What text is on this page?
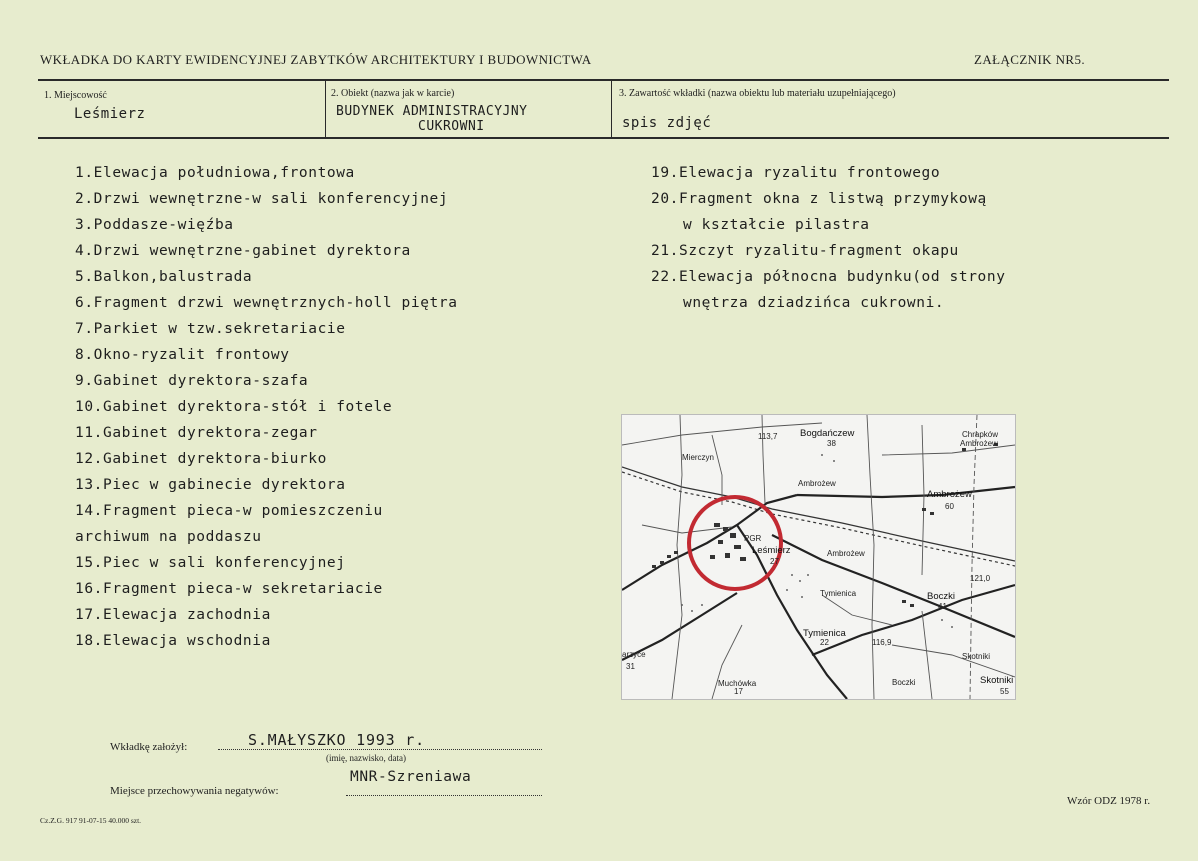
WKŁADKA DO KARTY EWIDENCYJNEJ ZABYTKÓW ARCHITEKTURY I BUDOWNICTWA	ZAŁĄCZNIK NR5.
1. Miejscowość
Leśmierz
2. Obiekt (nazwa jak w karcie)
BUDYNEK ADMINISTRACYJNY
CUKROWNI
3. Zawartość wkładki (nazwa obiektu lub materiału uzupełniającego)
spis zdjęć
1.Elewacja południowa,frontowa
2.Drzwi wewnętrzne-w sali konferencyjnej
3.Poddasze-więźba
4.Drzwi wewnętrzne-gabinet dyrektora
5.Balkon,balustrada
6.Fragment drzwi wewnętrznych-holl piętra
7.Parkiet w tzw.sekretariacie
8.Okno-ryzalit frontowy
9.Gabinet dyrektora-szafa
10.Gabinet dyrektora-stół i fotele
11.Gabinet dyrektora-zegar
12.Gabinet dyrektora-biurko
13.Piec w gabinecie dyrektora
14.Fragment pieca-w pomieszczeniu
archiwum na poddaszu
15.Piec w sali konferencyjnej
16.Fragment pieca-w sekretariacie
17.Elewacja zachodnia
18.Elewacja wschodnia
19.Elewacja ryzalitu frontowego
20.Fragment okna z listwą przymykową
w kształcie pilastra
21.Szczyt ryzalitu-fragment okapu
22.Elewacja północna budynku(od strony
wnętrza dziadzińca cukrowni.
Bogdańczew
38
Chrapków
Ambrożew
Mierczyn
Ambrożew
Ambrożew
60
Leśmierz
PGR
27
Ambrożew
Tymienica	Boczki
41
121,0
113,7
Tymienica
22	116,9
arzyce
31
Skotniki
Muchówka
17
Boczki	Skotniki
55
Wkładkę założył:	S.MAŁYSZKO 1993 r.
(imię, nazwisko, data)
MNR-Szreniawa
Miejsce przechowywania negatywów:
Cz.Z.G. 917 91-07-15 40.000 szt.
Wzór ODZ 1978 r.
